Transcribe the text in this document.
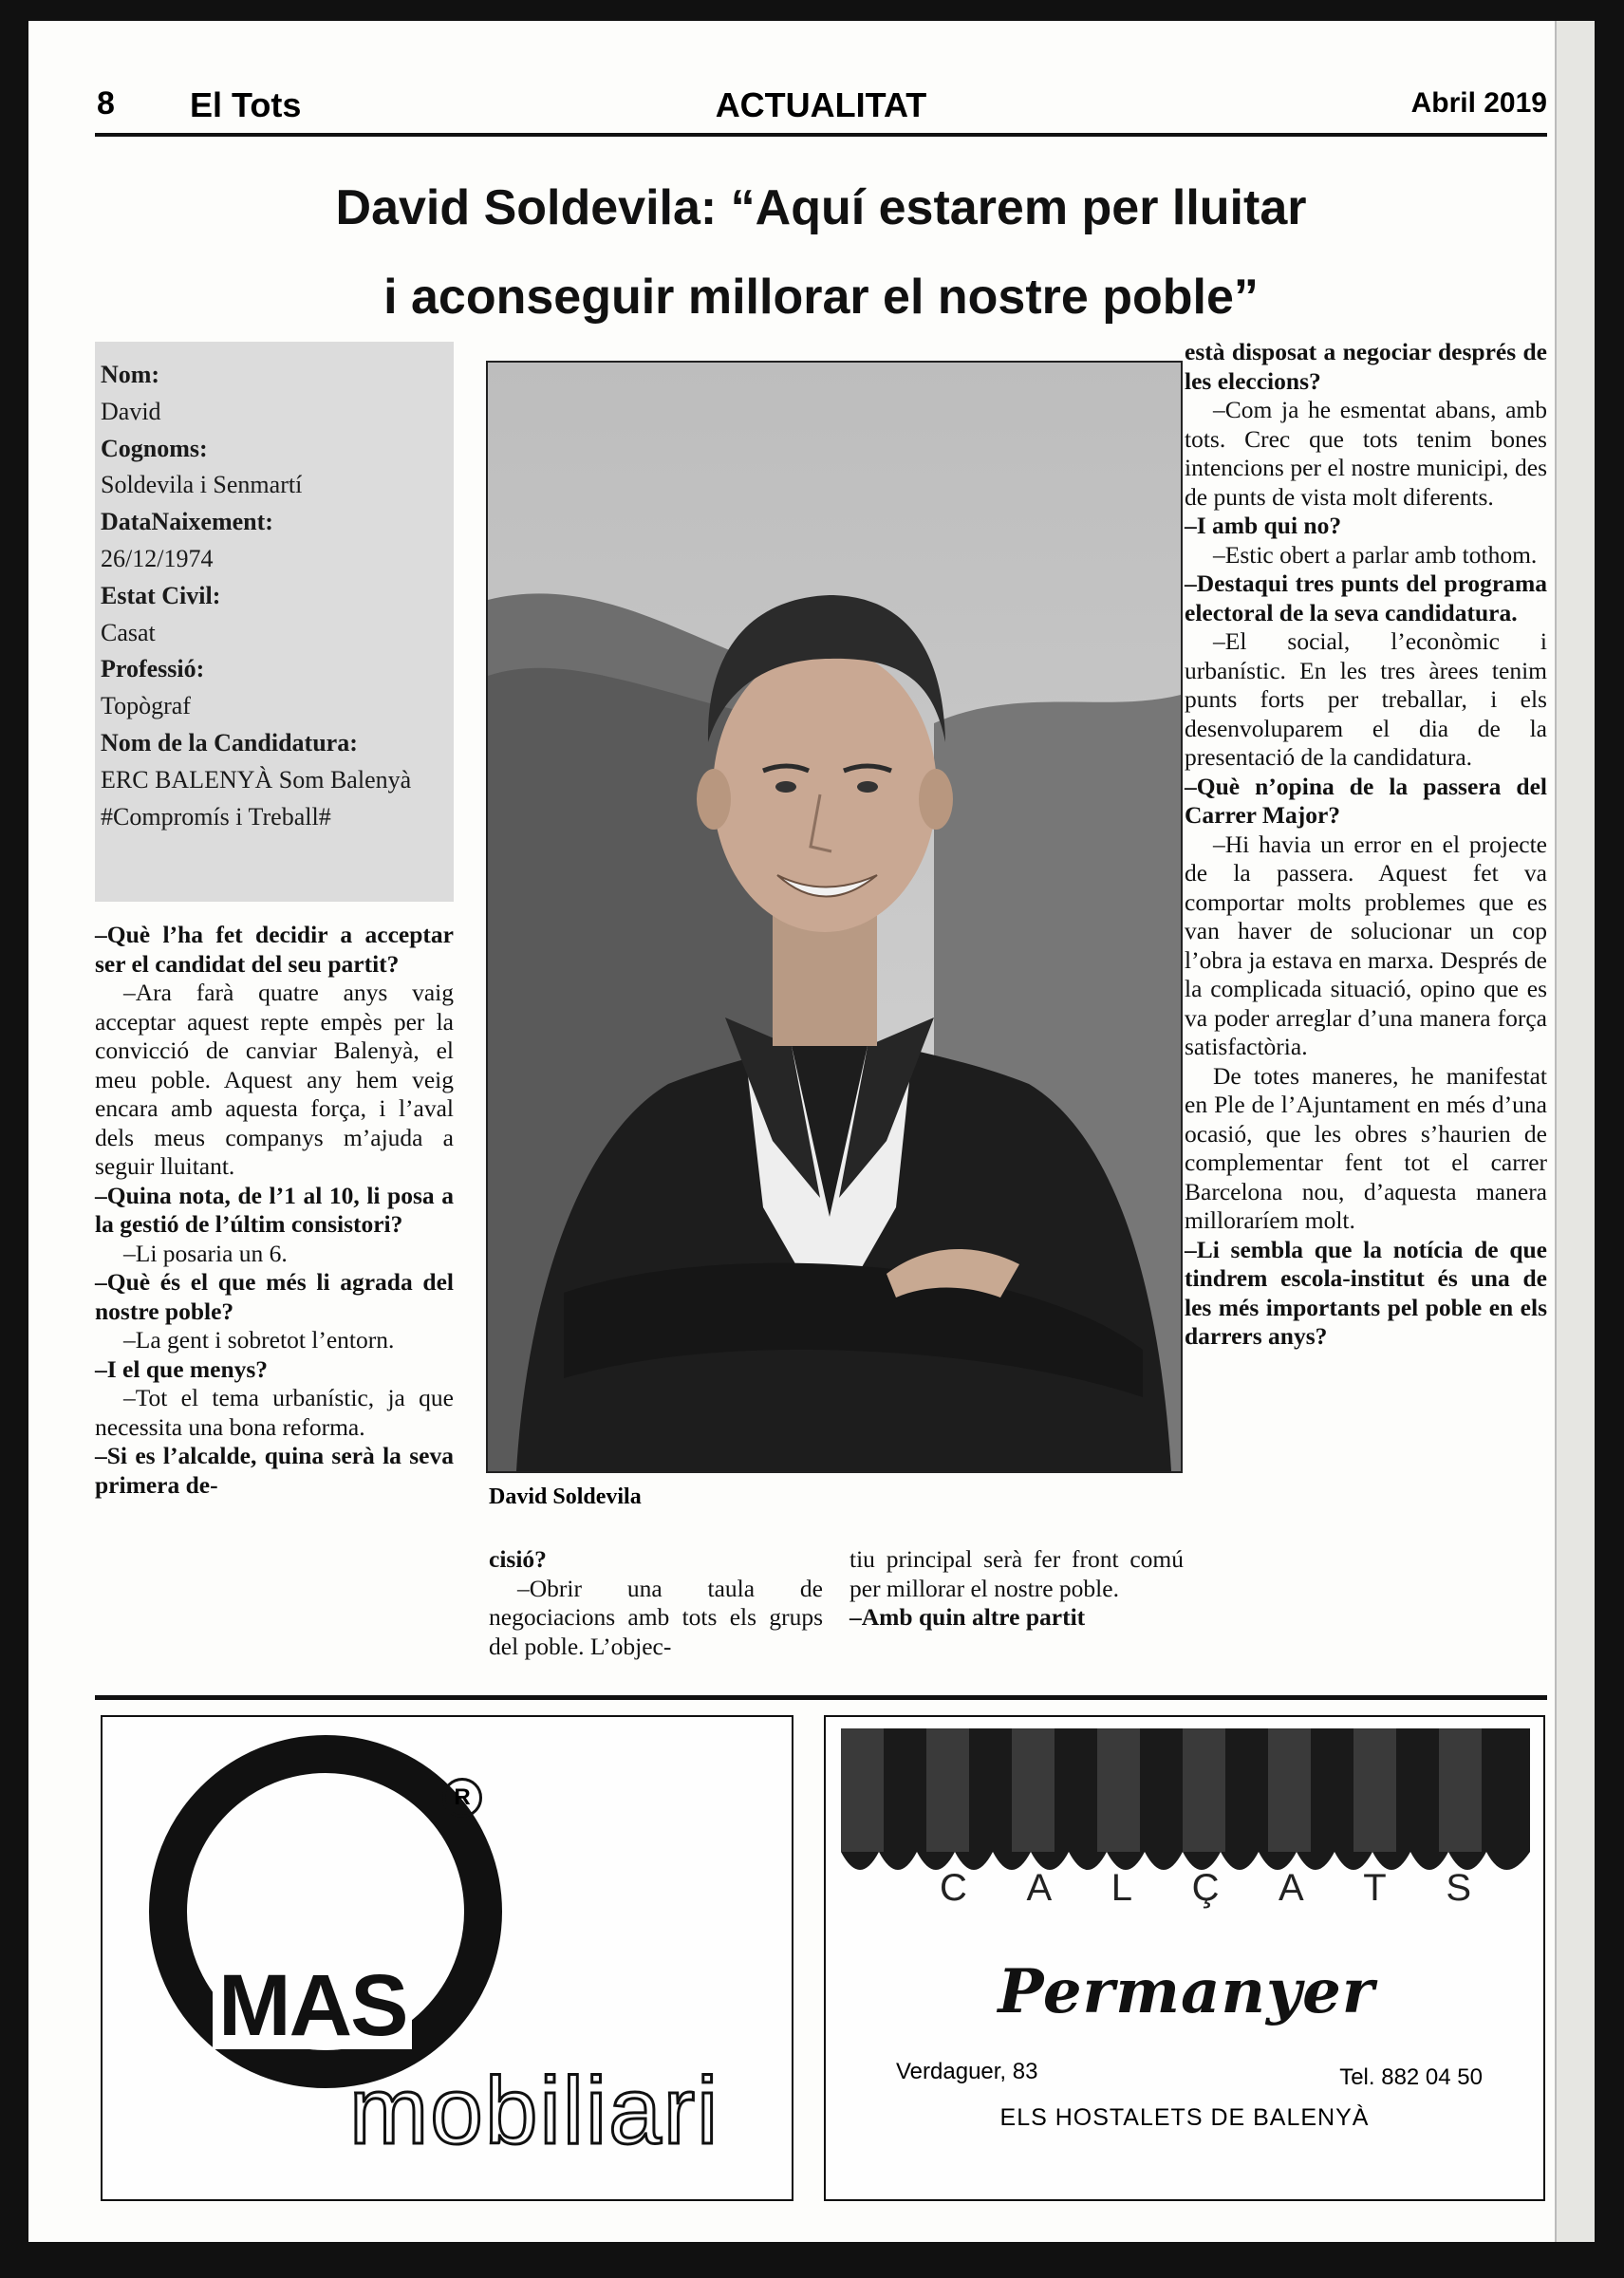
8 El Tots	ACTUALITAT	Abril 2019
David Soldevila: “Aquí estarem per lluitar
i aconseguir millorar el nostre poble”
Nom:
David
Cognoms:
Soldevila i Senmartí
DataNaixement:
26/12/1974
Estat Civil:
Casat
Professió:
Topògraf
Nom de la Candidatura:
ERC BALENYÀ Som Balenyà #Compromís i Treball#
David Soldevila

–Què l’ha fet decidir a acceptar ser el candidat del seu partit?

–Ara farà quatre anys vaig acceptar aquest repte empès per la convicció de canviar Balenyà, el meu poble. Aquest any hem veig encara amb aquesta força, i l’aval dels meus companys m’ajuda a seguir lluitant.

–Quina nota, de l’1 al 10, li posa a la gestió de l’últim consistori?

–Li posaria un 6.

–Què és el que més li agrada del nostre poble?

–La gent i sobretot l’entorn.

–I el que menys?

–Tot el tema urbanístic, ja que necessita una bona reforma.

–Si es l’alcalde, quina serà la seva primera de-

cisió?

–Obrir una taula de negociacions amb tots els grups del poble. L’objec-

tiu principal serà fer front comú per millorar el nostre poble.

–Amb quin altre partit

està disposat a negociar després de les eleccions?

–Com ja he esmentat abans, amb tots. Crec que tots tenim bones intencions per el nostre municipi, des de punts de vista molt diferents.

–I amb qui no?

–Estic obert a parlar amb tothom.

–Destaqui tres punts del programa electoral de la seva candidatura.

–El social, l’econòmic i urbanístic. En les tres àrees tenim punts forts per treballar, i els desenvoluparem el dia de la presentació de la candidatura.

–Què n’opina de la passera del Carrer Major?

–Hi havia un error en el projecte de la passera. Aquest fet va comportar molts problemes que es van haver de solucionar un cop l’obra ja estava en marxa. Després de la complicada situació, opino que es va poder arreglar d’una manera força satisfactòria.

De totes maneres, he manifestat en Ple de l’Ajuntament en més d’una ocasió, que les obres s’haurien de complementar fent tot el carrer Barcelona nou, d’aquesta manera milloraríem molt.

–Li sembla que la notícia de que tindrem escola-institut és una de les més importants pel poble en els darrers anys?

R
MAS
mobiliari
C A L Ç A T S
Permanyer
Verdaguer, 83	Tel. 882 04 50
ELS HOSTALETS DE BALENYÀ
